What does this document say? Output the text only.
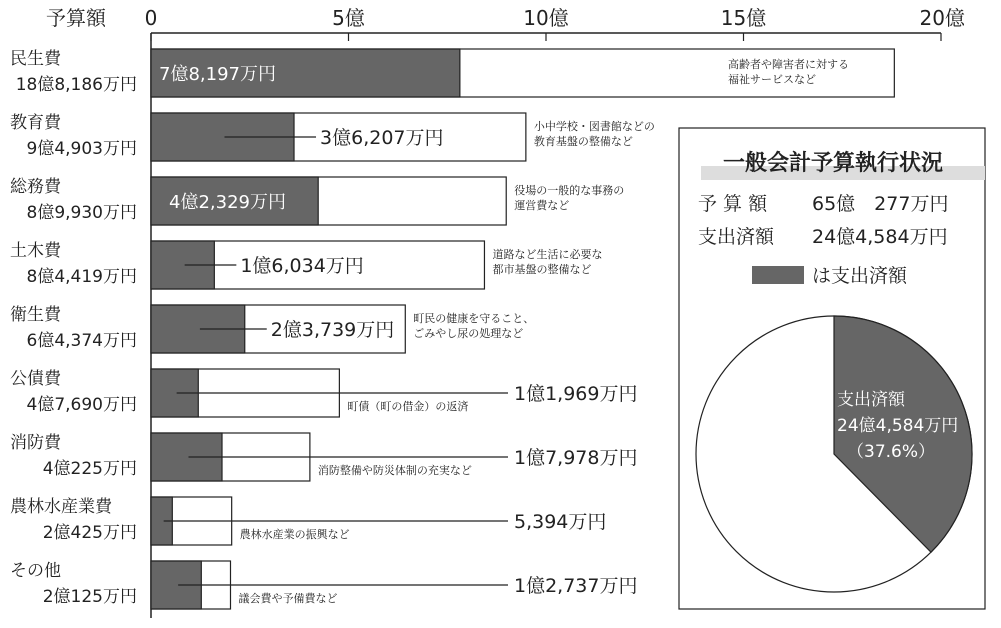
0	5億	10億	15億	20億
予算額
民生費
18億8,186万円
教育費
9億4,903万円
総務費
8億9,930万円
土木費
8億4,419万円
衛生費
6億4,374万円
公債費
4億7,690万円
消防費
4億225万円
農林水産業費
2億425万円
その他
2億125万円
7億8,197万円	高齢者や障害者に対する
福祉サービスなど
3億6,207万円
小中学校・図書館などの
教育基盤の整備など
4億2,329万円
役場の一般的な事務の
運営費など
1億6,034万円
道路など生活に必要な
都市基盤の整備など
2億3,739万円
町民の健康を守ること、
ごみやし尿の処理など
1億1,969万円
町債（町の借金）の返済
1億7,978万円
消防整備や防災体制の充実など
5,394万円
農林水産業の振興など
1億2,737万円
議会費や予備費など
一般会計予算執行状況
予 算 額 65億　277万円
支出済額 24億4,584万円
は支出済額
支出済額
24億4,584万円
（37.6%）
